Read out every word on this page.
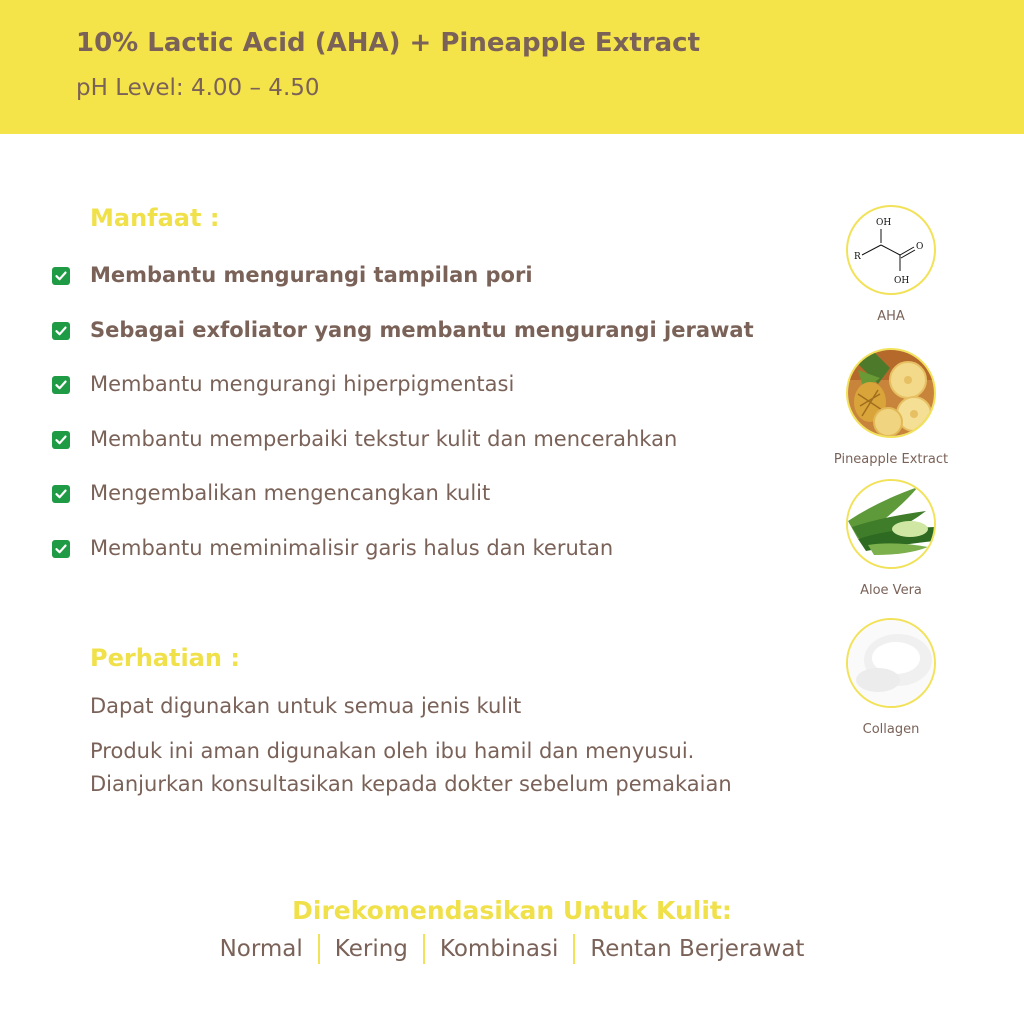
10% Lactic Acid (AHA) + Pineapple Extract
pH Level: 4.00 – 4.50
Manfaat :
Membantu mengurangi tampilan pori
Sebagai exfoliator yang membantu mengurangi jerawat
Membantu mengurangi hiperpigmentasi
Membantu memperbaiki tekstur kulit dan mencerahkan
Mengembalikan mengencangkan kulit
Membantu meminimalisir garis halus dan kerutan
Perhatian :
Dapat digunakan untuk semua jenis kulit
Produk ini aman digunakan oleh ibu hamil dan menyusui. Dianjurkan konsultasikan kepada dokter sebelum pemakaian
OH
R
O
OH
AHA
Pineapple Extract
Aloe Vera
Collagen
Direkomendasikan Untuk Kulit:
Normal	Kering	Kombinasi	Rentan Berjerawat
